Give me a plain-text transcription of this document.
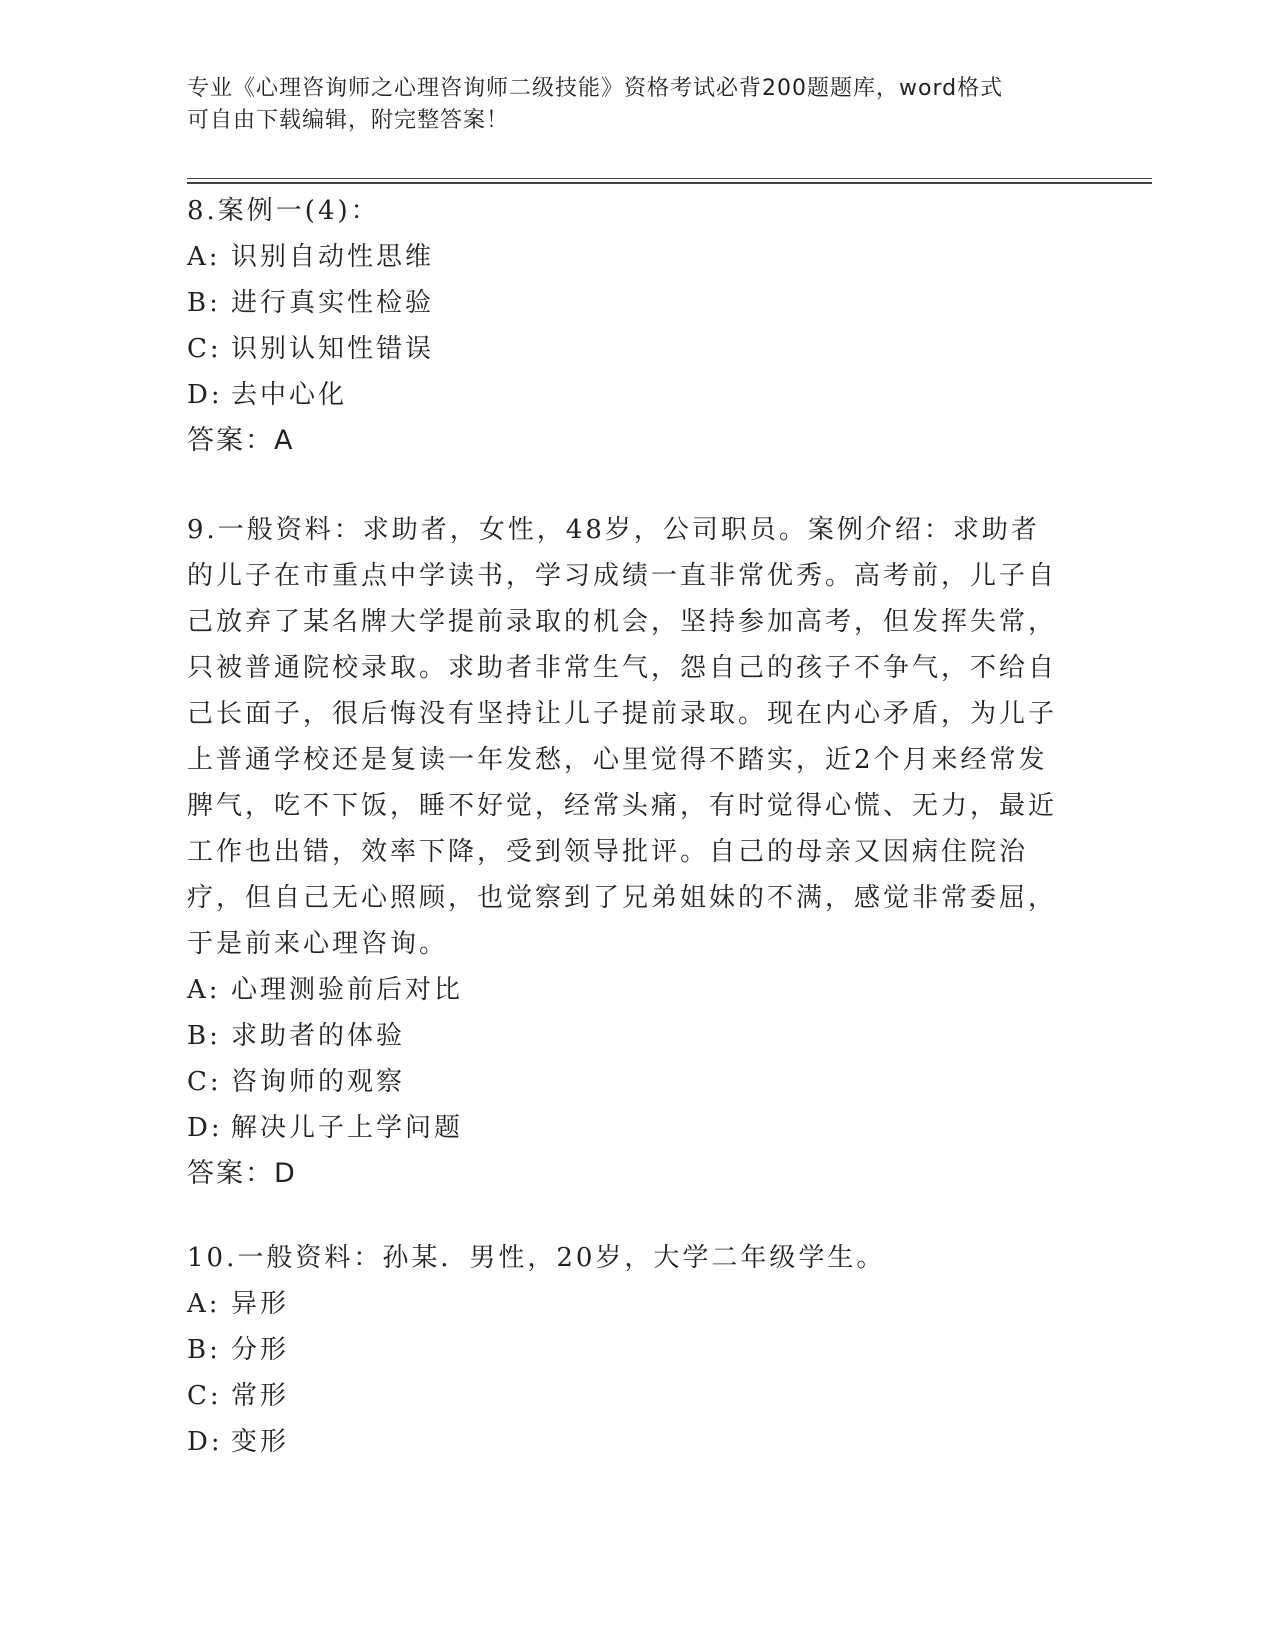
专业《心理咨询师之心理咨询师二级技能》资格考试必背200题题库，word格式
可自由下载编辑，附完整答案！

8.案例一(4)：

A: 识别自动性思维

B: 进行真实性检验

C: 识别认知性错误

D: 去中心化

答案：A

9.一般资料：求助者，女性，48岁，公司职员。案例介绍：求助者的儿子在市重点中学读书，学习成绩一直非常优秀。高考前，儿子自己放弃了某名牌大学提前录取的机会，坚持参加高考，但发挥失常，只被普通院校录取。求助者非常生气，怨自己的孩子不争气，不给自己长面子，很后悔没有坚持让儿子提前录取。现在内心矛盾，为儿子上普通学校还是复读一年发愁，心里觉得不踏实，近2个月来经常发脾气，吃不下饭，睡不好觉，经常头痛，有时觉得心慌、无力，最近工作也出错，效率下降，受到领导批评。自己的母亲又因病住院治疗，但自己无心照顾，也觉察到了兄弟姐妹的不满，感觉非常委屈，于是前来心理咨询。

A: 心理测验前后对比

B: 求助者的体验

C: 咨询师的观察

D: 解决儿子上学问题

答案：D

10.一般资料：孙某．男性，20岁，大学二年级学生。

A: 异形

B: 分形

C: 常形

D: 变形
